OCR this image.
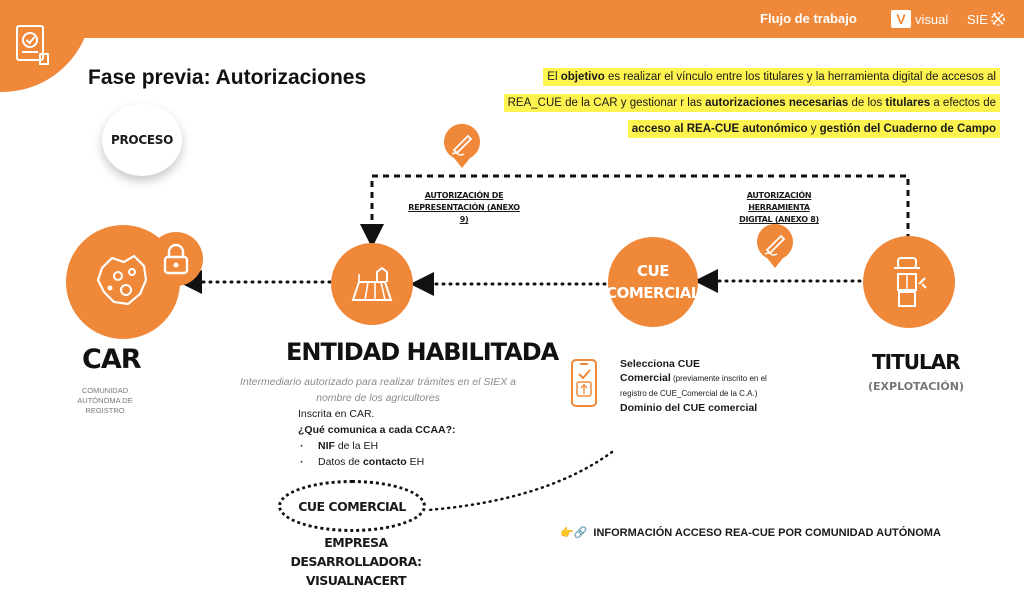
Flujo de trabajo	V visual SIE
Fase previa: Autorizaciones	El objetivo es realizar el vínculo entre los titulares y la herramienta digital de accesos al
REA_CUE de la CAR y gestionar r las autorizaciones necesarias de los titulares a efectos de
acceso al REA-CUE autonómico y gestión del Cuaderno de Campo
PROCESO
CAR
COMUNIDAD AUTÓNOMA DE REGISTRO
ENTIDAD HABILITADA
Intermediario autorizado para realizar trámites en el SIEX a nombre de los agricultores
Inscrita en CAR.
¿Qué comunica a cada CCAA?:
· NIF de la EH
· Datos de contacto EH
CUE
COMERCIAL
Selecciona CUE
Comercial (previamente inscrito en el registro de CUE_Comercial de la C.A.)
Dominio del CUE comercial
TITULAR
(EXPLOTACIÓN)
AUTORIZACIÓN DE
REPRESENTACIÓN (ANEXO 9)
AUTORIZACIÓN HERRAMIENTA
DIGITAL (ANEXO 8)
CUE COMERCIAL
EMPRESA DESARROLLADORA:
VISUALNACERT
👉🔗 INFORMACIÓN ACCESO REA-CUE POR COMUNIDAD AUTÓNOMA
